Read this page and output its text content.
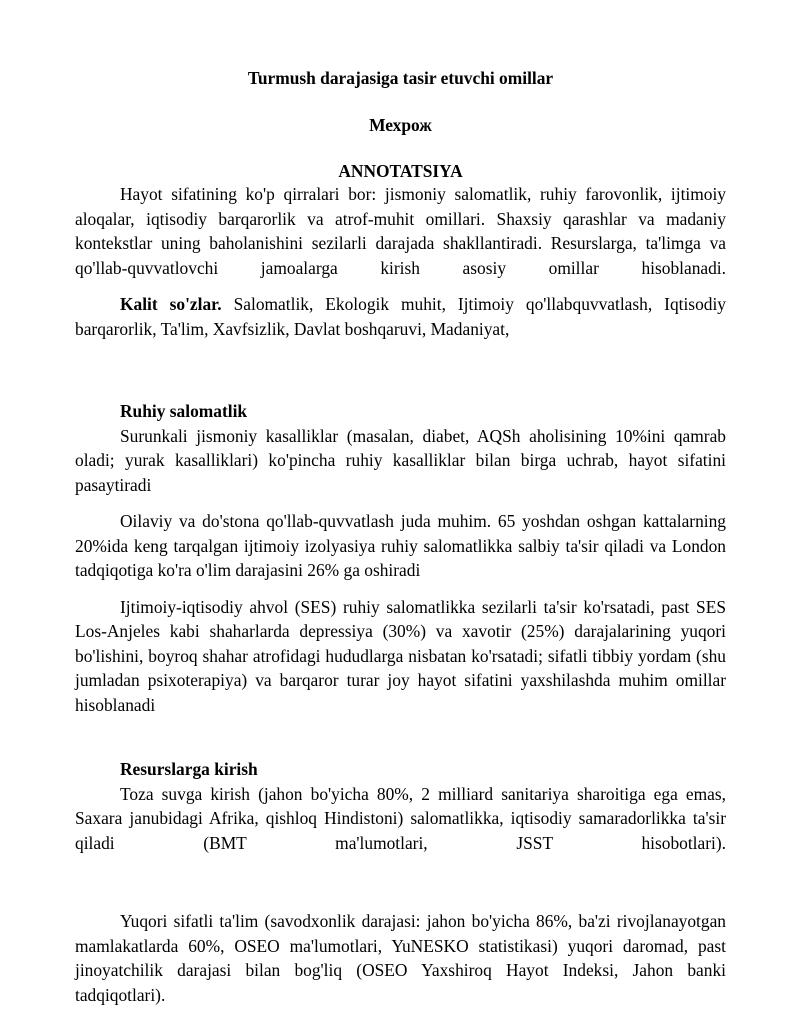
Turmush darajasiga tasir etuvchi omillar
Мехрож
ANNOTATSIYA

Hayot sifatining ko'p qirralari bor: jismoniy salomatlik, ruhiy farovonlik, ijtimoiy aloqalar, iqtisodiy barqarorlik va atrof-muhit omillari. Shaxsiy qarashlar va madaniy kontekstlar uning baholanishini sezilarli darajada shakllantiradi. Resurslarga, ta'limga va qo'llab-quvvatlovchi jamoalarga kirish asosiy omillar hisoblanadi.

Kalit so'zlar. Salomatlik, Ekologik muhit, Ijtimoiy qo'llabquvvatlash, Iqtisodiy barqarorlik, Ta'lim, Xavfsizlik, Davlat boshqaruvi, Madaniyat,

Ruhiy salomatlik

Surunkali jismoniy kasalliklar (masalan, diabet, AQSh aholisining 10%ini qamrab oladi; yurak kasalliklari) ko'pincha ruhiy kasalliklar bilan birga uchrab, hayot sifatini pasaytiradi

Oilaviy va do'stona qo'llab-quvvatlash juda muhim. 65 yoshdan oshgan kattalarning 20%ida keng tarqalgan ijtimoiy izolyasiya ruhiy salomatlikka salbiy ta'sir qiladi va London tadqiqotiga ko'ra o'lim darajasini 26% ga oshiradi

Ijtimoiy-iqtisodiy ahvol (SES) ruhiy salomatlikka sezilarli ta'sir ko'rsatadi, past SES Los-Anjeles kabi shaharlarda depressiya (30%) va xavotir (25%) darajalarining yuqori bo'lishini, boyroq shahar atrofidagi hududlarga nisbatan ko'rsatadi; sifatli tibbiy yordam (shu jumladan psixoterapiya) va barqaror turar joy hayot sifatini yaxshilashda muhim omillar hisoblanadi

Resurslarga kirish

Toza suvga kirish (jahon bo'yicha 80%, 2 milliard sanitariya sharoitiga ega emas, Saxara janubidagi Afrika, qishloq Hindistoni) salomatlikka, iqtisodiy samaradorlikka ta'sir qiladi (BMT ma'lumotlari, JSST hisobotlari).

Yuqori sifatli ta'lim (savodxonlik darajasi: jahon bo'yicha 86%, ba'zi rivojlanayotgan mamlakatlarda 60%, OSEO ma'lumotlari, YuNESKO statistikasi) yuqori daromad, past jinoyatchilik darajasi bilan bog'liq (OSEO Yaxshiroq Hayot Indeksi, Jahon banki tadqiqotlari).
